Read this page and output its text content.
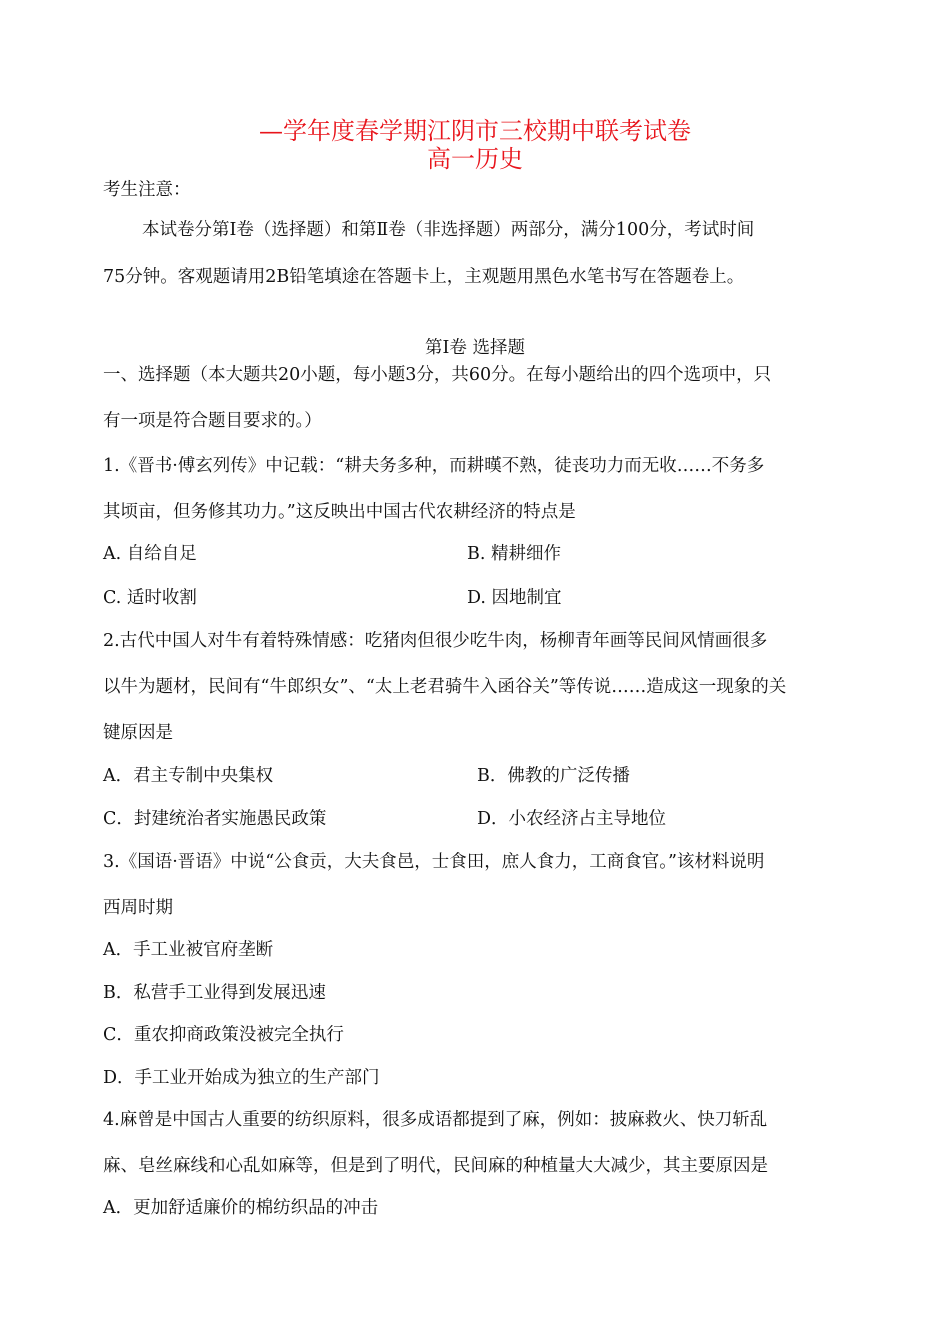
—学年度春学期江阴市三校期中联考试卷
高一历史
考生注意：
本试卷分第Ⅰ卷（选择题）和第Ⅱ卷（非选择题）两部分，满分100分，考试时间
75分钟。客观题请用2B铅笔填途在答题卡上，主观题用黑色水笔书写在答题卷上。
第Ⅰ卷 选择题
一、选择题（本大题共20小题，每小题3分，共60分。在每小题给出的四个选项中，只
有一项是符合题目要求的。）
1.《晋书·傅玄列传》中记载：“耕夫务多种，而耕暵不熟，徒丧功力而无收……不务多
其顷亩，但务修其功力。”这反映出中国古代农耕经济的特点是
A. 自给自足	B. 精耕细作
C. 适时收割	D. 因地制宜
2.古代中国人对牛有着特殊情感：吃猪肉但很少吃牛肉，杨柳青年画等民间风情画很多
以牛为题材，民间有“牛郎织女”、“太上老君骑牛入函谷关”等传说……造成这一现象的关
键原因是
A．君主专制中央集权	B．佛教的广泛传播
C．封建统治者实施愚民政策	D．小农经济占主导地位
3.《国语·晋语》中说“公食贡，大夫食邑，士食田，庶人食力，工商食官。”该材料说明
西周时期
A．手工业被官府垄断
B．私营手工业得到发展迅速
C．重农抑商政策没被完全执行
D．手工业开始成为独立的生产部门
4.麻曾是中国古人重要的纺织原料，很多成语都提到了麻，例如：披麻救火、快刀斩乱
麻、皂丝麻线和心乱如麻等，但是到了明代，民间麻的种植量大大减少，其主要原因是
A．更加舒适廉价的棉纺织品的冲击
